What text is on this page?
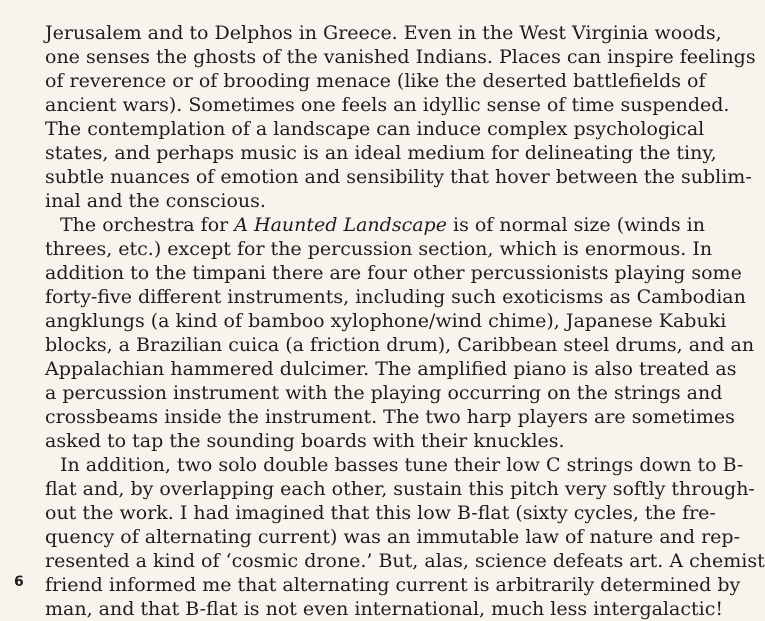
Jerusalem and to Delphos in Greece. Even in the West Virginia woods,
one senses the ghosts of the vanished Indians. Places can inspire feelings
of reverence or of brooding menace (like the deserted battlefields of
ancient wars). Sometimes one feels an idyllic sense of time suspended.
The contemplation of a landscape can induce complex psychological
states, and perhaps music is an ideal medium for delineating the tiny,
subtle nuances of emotion and sensibility that hover between the sublim-
inal and the conscious.
The orchestra for A Haunted Landscape is of normal size (winds in
threes, etc.) except for the percussion section, which is enormous. In
addition to the timpani there are four other percussionists playing some
forty-five different instruments, including such exoticisms as Cambodian
angklungs (a kind of bamboo xylophone/wind chime), Japanese Kabuki
blocks, a Brazilian cuica (a friction drum), Caribbean steel drums, and an
Appalachian hammered dulcimer. The amplified piano is also treated as
a percussion instrument with the playing occurring on the strings and
crossbeams inside the instrument. The two harp players are sometimes
asked to tap the sounding boards with their knuckles.
In addition, two solo double basses tune their low C strings down to B-
flat and, by overlapping each other, sustain this pitch very softly through-
out the work. I had imagined that this low B-flat (sixty cycles, the fre-
quency of alternating current) was an immutable law of nature and rep-
resented a kind of ‘cosmic drone.’ But, alas, science defeats art. A chemist
friend informed me that alternating current is arbitrarily determined by
man, and that B-flat is not even international, much less intergalactic!
6
